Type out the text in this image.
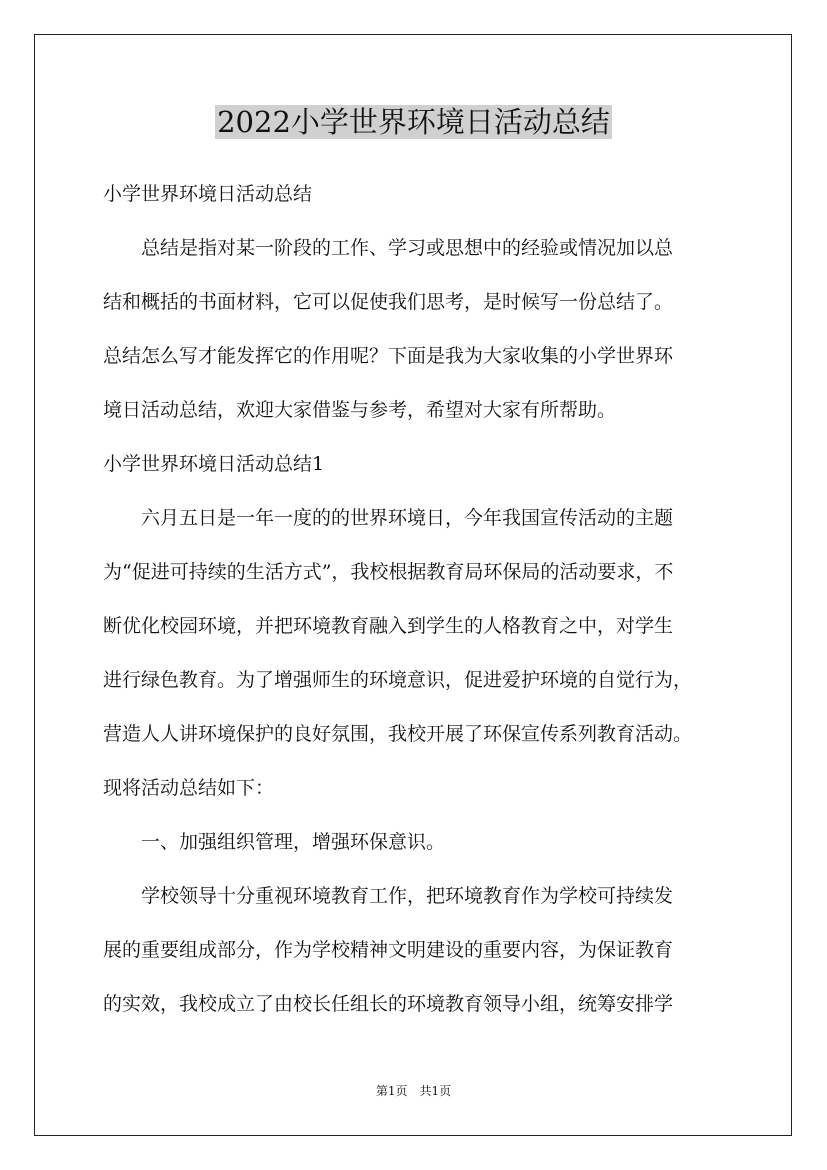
2022小学世界环境日活动总结
小学世界环境日活动总结
　　总结是指对某一阶段的工作、学习或思想中的经验或情况加以总
结和概括的书面材料，它可以促使我们思考，是时候写一份总结了。
总结怎么写才能发挥它的作用呢？下面是我为大家收集的小学世界环
境日活动总结，欢迎大家借鉴与参考，希望对大家有所帮助。
小学世界环境日活动总结1
　　六月五日是一年一度的的世界环境日，今年我国宣传活动的主题
为“促进可持续的生活方式”，我校根据教育局环保局的活动要求，不
断优化校园环境，并把环境教育融入到学生的人格教育之中，对学生
进行绿色教育。为了增强师生的环境意识，促进爱护环境的自觉行为，
营造人人讲环境保护的良好氛围，我校开展了环保宣传系列教育活动。
现将活动总结如下：
　　一、加强组织管理，增强环保意识。
　　学校领导十分重视环境教育工作，把环境教育作为学校可持续发
展的重要组成部分，作为学校精神文明建设的重要内容，为保证教育
的实效，我校成立了由校长任组长的环境教育领导小组，统筹安排学
第1页　共1页
